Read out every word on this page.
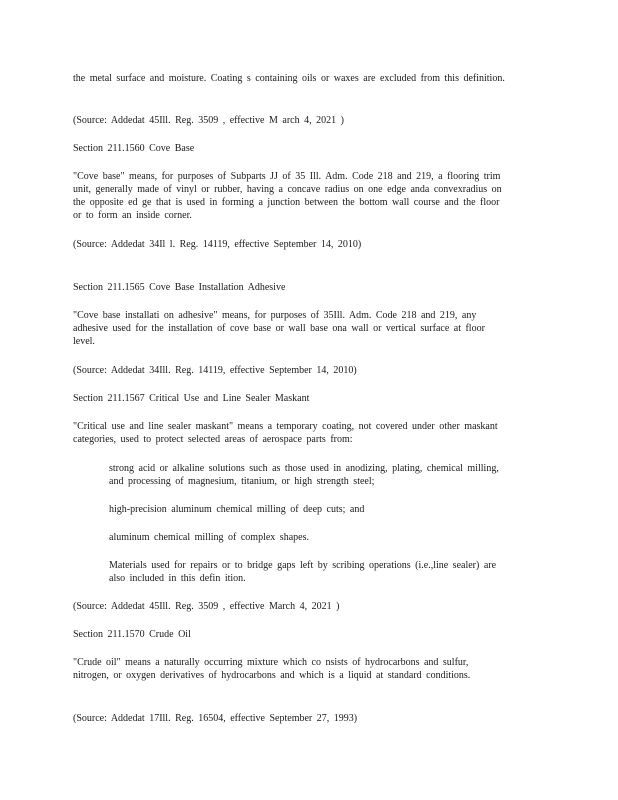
the metal surface and moisture. Coating s containing oils or waxes are excluded from this definition.

(Source: Addedat 45Ill. Reg. 3509 , effective M arch 4, 2021 )

Section 211.1560 Cove Base

"Cove base" means, for purposes of Subparts JJ of 35 Ill. Adm. Code 218 and 219, a flooring trim unit, generally made of vinyl or rubber, having a concave radius on one edge anda convexradius on the opposite ed ge that is used in forming a junction between the bottom wall course and the floor or to form an inside corner.

(Source: Addedat 34Il l. Reg. 14119, effective September 14, 2010)

Section 211.1565 Cove Base Installation Adhesive

"Cove base installati on adhesive" means, for purposes of 35Ill. Adm. Code 218 and 219, any adhesive used for the installation of cove base or wall base ona wall or vertical surface at floor level.

(Source: Addedat 34Ill. Reg. 14119, effective September 14, 2010)

Section 211.1567 Critical Use and Line Sealer Maskant

"Critical use and line sealer maskant" means a temporary coating, not covered under other maskant categories, used to protect selected areas of aerospace parts from:

strong acid or alkaline solutions such as those used in anodizing, plating, chemical milling, and processing of magnesium, titanium, or high strength steel;

high-precision aluminum chemical milling of deep cuts; and

aluminum chemical milling of complex shapes.

Materials used for repairs or to bridge gaps left by scribing operations (i.e.,line sealer) are also included in this defin ition.

(Source: Addedat 45Ill. Reg. 3509 , effective March 4, 2021 )

Section 211.1570 Crude Oil

"Crude oil" means a naturally occurring mixture which co nsists of hydrocarbons and sulfur, nitrogen, or oxygen derivatives of hydrocarbons and which is a liquid at standard conditions.

(Source: Addedat 17Ill. Reg. 16504, effective September 27, 1993)
